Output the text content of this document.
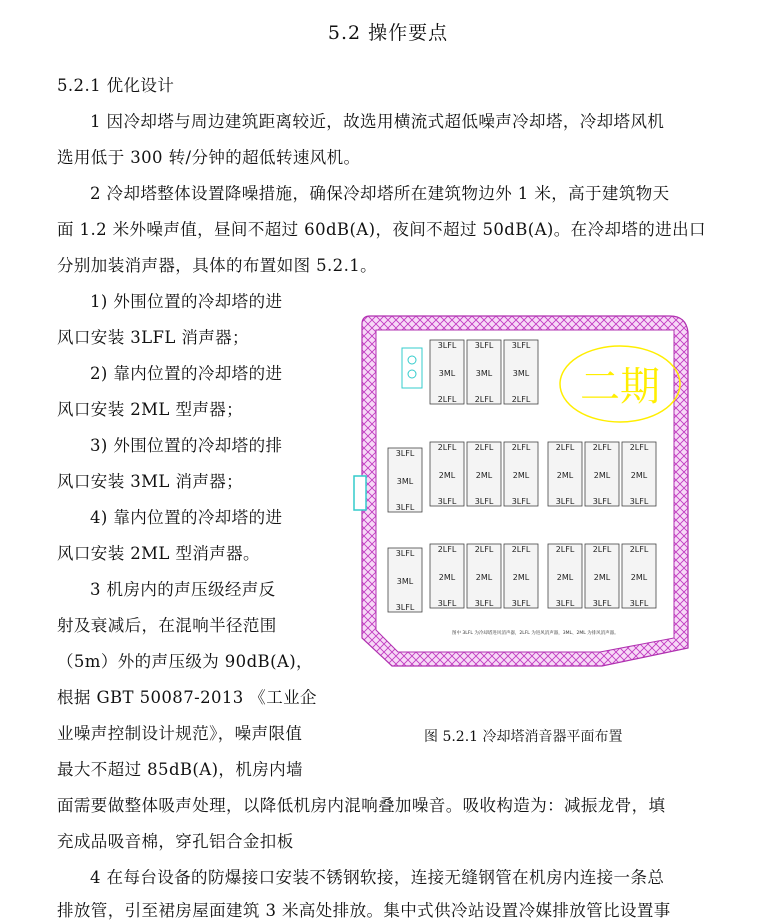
5.2 操作要点
5.2.1 优化设计
1 因冷却塔与周边建筑距离较近，故选用横流式超低噪声冷却塔，冷却塔风机
选用低于 300 转/分钟的超低转速风机。
2 冷却塔整体设置降噪措施，确保冷却塔所在建筑物边外 1 米，高于建筑物天
面 1.2 米外噪声值，昼间不超过 60dB(A)，夜间不超过 50dB(A)。在冷却塔的进出口
分别加装消声器，具体的布置如图 5.2.1。
1) 外围位置的冷却塔的进
风口安装 3LFL 消声器；
2) 靠内位置的冷却塔的进
风口安装 2ML 型声器；
3) 外围位置的冷却塔的排
风口安装 3ML 消声器；
4) 靠内位置的冷却塔的进
风口安装 2ML 型消声器。
3 机房内的声压级经声反
射及衰减后，在混响半径范围
（5m）外的声压级为 90dB(A)，
根据 GBT 50087-2013 《工业企
业噪声控制设计规范》，噪声限值
最大不超过 85dB(A)，机房内墙
面需要做整体吸声处理，以降低机房内混响叠加噪音。吸收构造为：减振龙骨，填
充成品吸音棉，穿孔铝合金扣板
4 在每台设备的防爆接口安装不锈钢软接，连接无缝钢管在机房内连接一条总
排放管，引至裙房屋面建筑 3 米高处排放。集中式供冷站设置冷媒排放管比设置事
二期
3LFL
3ML
2LFL
3LFL
3ML
2LFL
3LFL
3ML
2LFL
3LFL
3ML
3LFL
2LFL
2ML
3LFL
2LFL
2ML
3LFL
2LFL
2ML
3LFL
2LFL
2ML
3LFL
2LFL
2ML
3LFL
2LFL
2ML
3LFL
3LFL
3ML
3LFL
2LFL
2ML
3LFL
2LFL
2ML
3LFL
2LFL
2ML
3LFL
2LFL
2ML
3LFL
2LFL
2ML
3LFL
2LFL
2ML
3LFL
图中 3LFL 为冷却塔进风消声器，2LFL 为进风消声器，3ML、2ML 为排风消声器。
图 5.2.1 冷却塔消音器平面布置
